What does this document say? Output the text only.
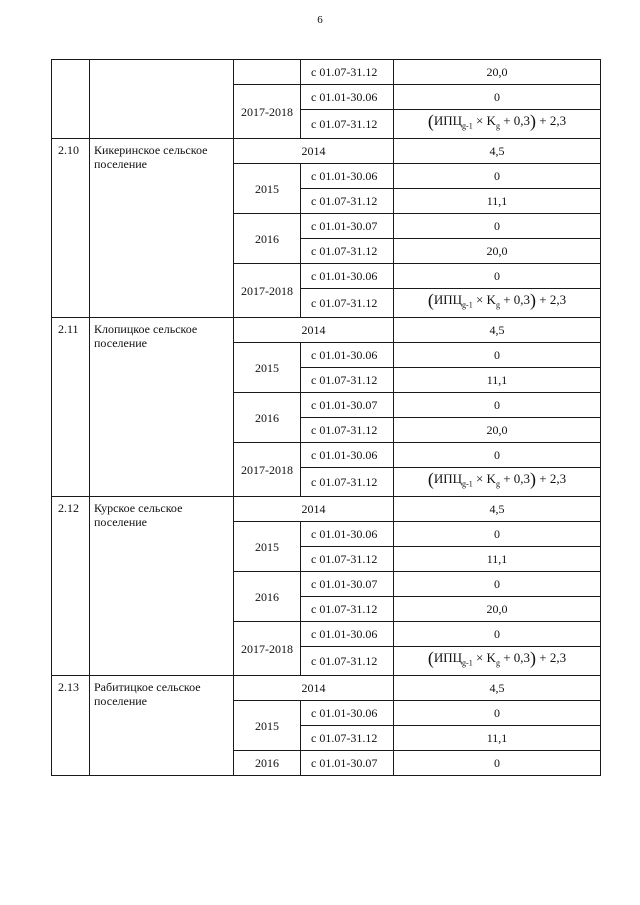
6
			с 01.07-31.12	20,0
		2017-2018	с 01.01-30.06	0
			с 01.07-31.12	$(ИПЦ_{g-1} \times K_g + 0,3) + 2,3$
2.10	Кикеринское сельское поселение	2014		4,5
		2015	с 01.01-30.06	0
			с 01.07-31.12	11,1
		2016	с 01.01-30.07	0
			с 01.07-31.12	20,0
		2017-2018	с 01.01-30.06	0
			с 01.07-31.12	$(ИПЦ_{g-1} \times K_g + 0,3) + 2,3$
2.11	Клопицкое сельское поселение	2014		4,5
		2015	с 01.01-30.06	0
			с 01.07-31.12	11,1
		2016	с 01.01-30.07	0
			с 01.07-31.12	20,0
		2017-2018	с 01.01-30.06	0
			с 01.07-31.12	$(ИПЦ_{g-1} \times K_g + 0,3) + 2,3$
2.12	Курское сельское поселение	2014		4,5
		2015	с 01.01-30.06	0
			с 01.07-31.12	11,1
		2016	с 01.01-30.07	0
			с 01.07-31.12	20,0
		2017-2018	с 01.01-30.06	0
			с 01.07-31.12	$(ИПЦ_{g-1} \times K_g + 0,3) + 2,3$
2.13	Рабитицкое сельское поселение	2014		4,5
		2015	с 01.01-30.06	0
			с 01.07-31.12	11,1
		2016	с 01.01-30.07	0
